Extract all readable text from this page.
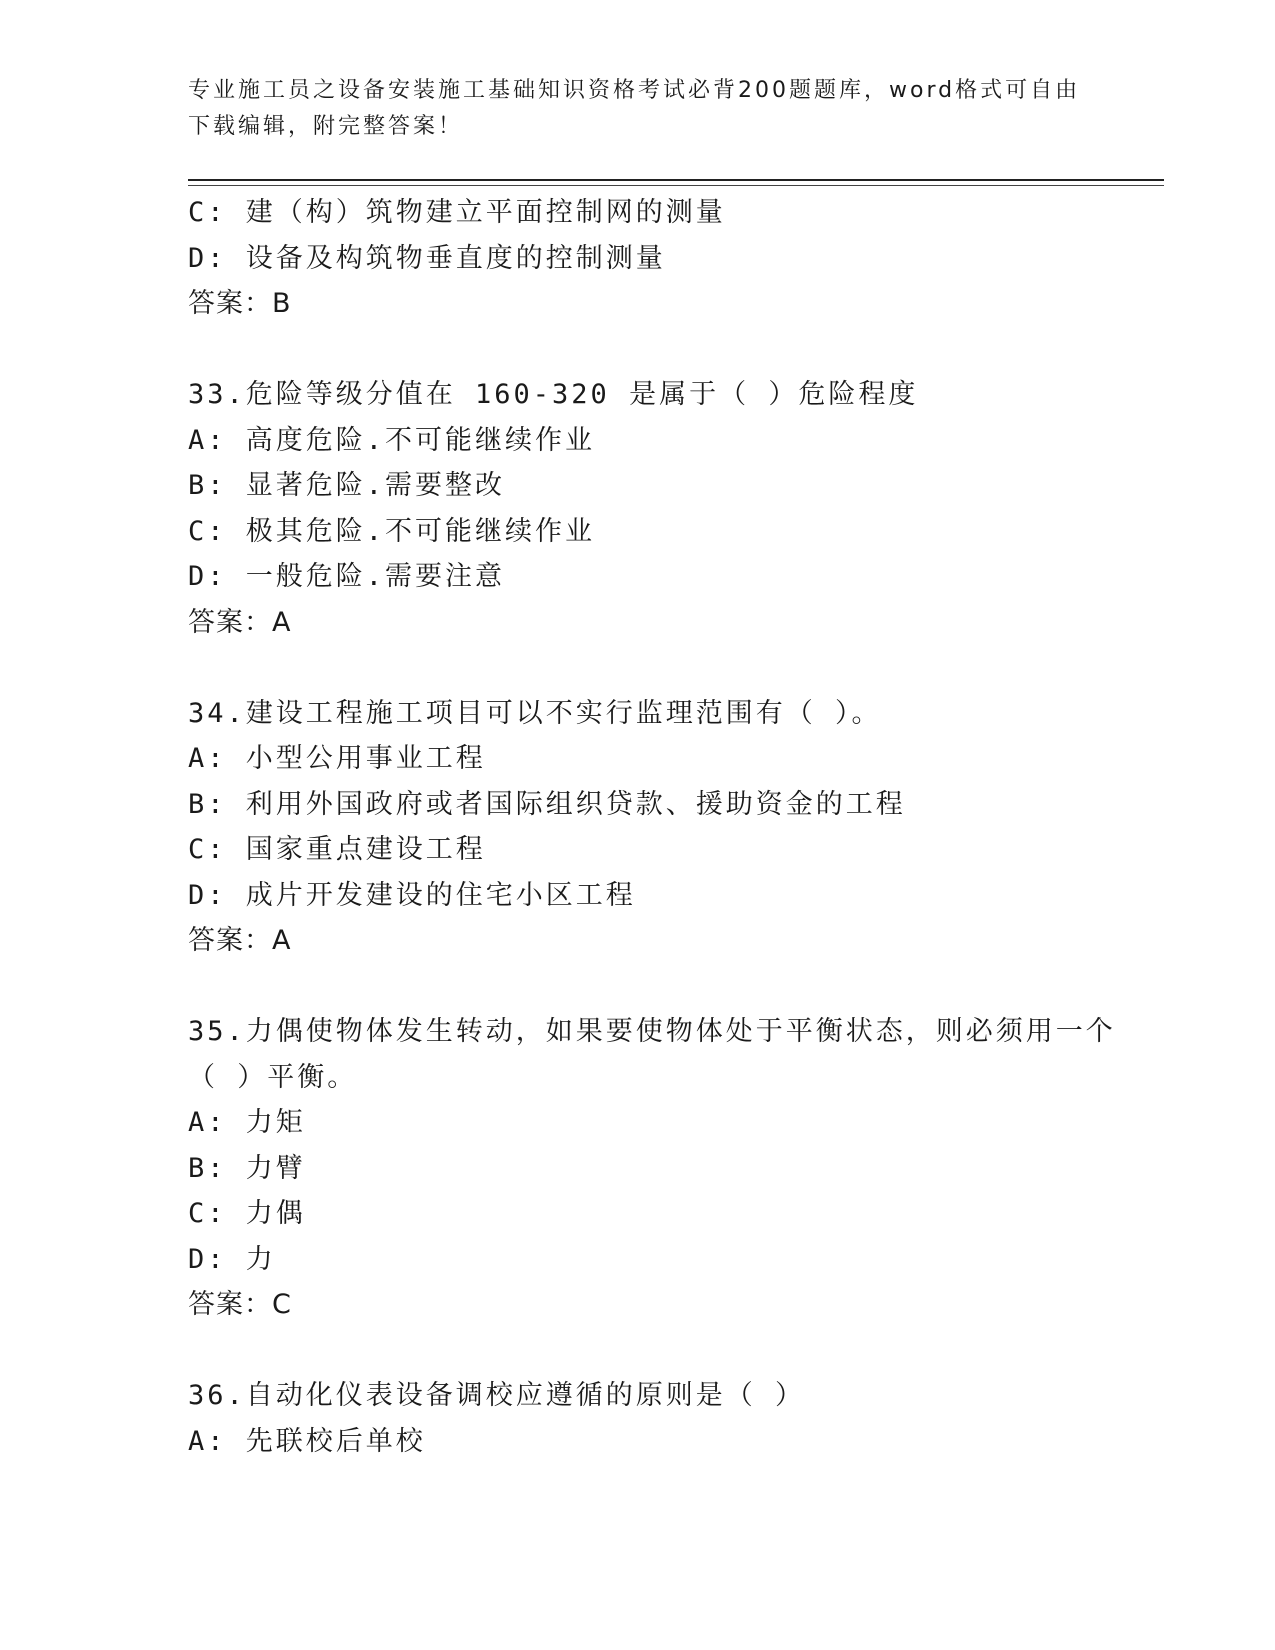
专业施工员之设备安装施工基础知识资格考试必背200题题库，word格式可自由
下载编辑，附完整答案！
C: 建（构）筑物建立平面控制网的测量
D: 设备及构筑物垂直度的控制测量
答案：B
33.危险等级分值在 160-320 是属于（ ）危险程度
A: 高度危险.不可能继续作业
B: 显著危险.需要整改
C: 极其危险.不可能继续作业
D: 一般危险.需要注意
答案：A
34.建设工程施工项目可以不实行监理范围有（ ）。
A: 小型公用事业工程
B: 利用外国政府或者国际组织贷款、援助资金的工程
C: 国家重点建设工程
D: 成片开发建设的住宅小区工程
答案：A
35.力偶使物体发生转动，如果要使物体处于平衡状态，则必须用一个
（ ）平衡。
A: 力矩
B: 力臂
C: 力偶
D: 力
答案：C
36.自动化仪表设备调校应遵循的原则是（ ）
A: 先联校后单校
